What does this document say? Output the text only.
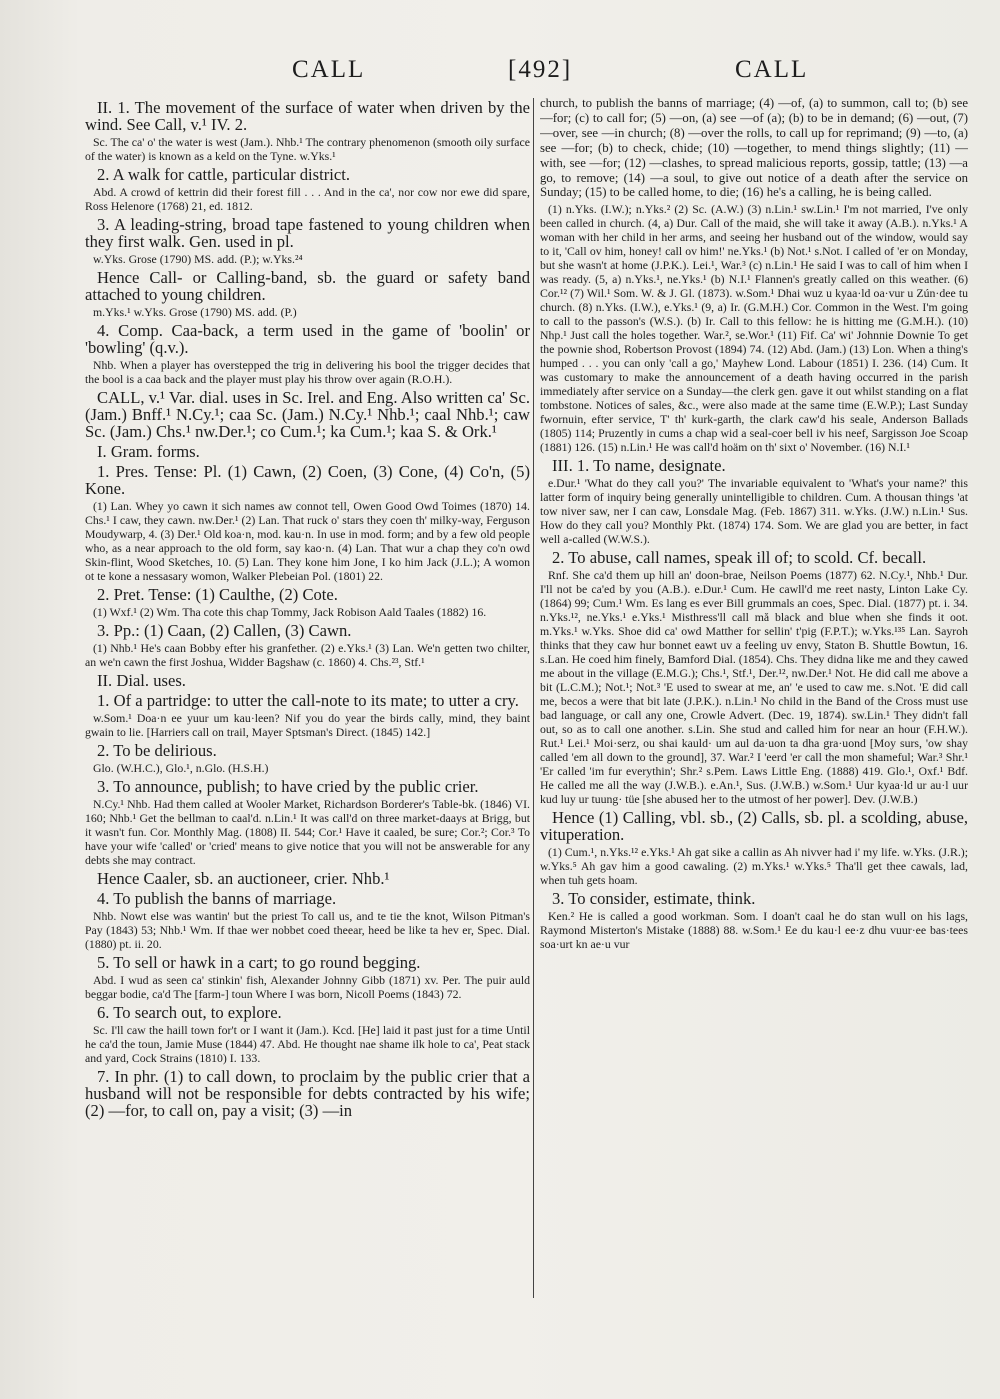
CALL	[492]	CALL

II. 1. The movement of the surface of water when driven by the wind. See Call, v.¹ IV. 2.

Sc. The ca' o' the water is west (Jam.). Nhb.¹ The contrary phenomenon (smooth oily surface of the water) is known as a keld on the Tyne. w.Yks.¹

2. A walk for cattle, particular district.

Abd. A crowd of kettrin did their forest fill . . . And in the ca', nor cow nor ewe did spare, Ross Helenore (1768) 21, ed. 1812.

3. A leading-string, broad tape fastened to young children when they first walk. Gen. used in pl.

w.Yks. Grose (1790) MS. add. (P.); w.Yks.²⁴

Hence Call- or Calling-band, sb. the guard or safety band attached to young children.

m.Yks.¹ w.Yks. Grose (1790) MS. add. (P.)

4. Comp. Caa-back, a term used in the game of 'boolin' or 'bowling' (q.v.).

Nhb. When a player has overstepped the trig in delivering his bool the trigger decides that the bool is a caa back and the player must play his throw over again (R.O.H.).

CALL, v.¹ Var. dial. uses in Sc. Irel. and Eng. Also written ca' Sc. (Jam.) Bnff.¹ N.Cy.¹; caa Sc. (Jam.) N.Cy.¹ Nhb.¹; caal Nhb.¹; caw Sc. (Jam.) Chs.¹ nw.Der.¹; co Cum.¹; ka Cum.¹; kaa S. & Ork.¹

I. Gram. forms.

1. Pres. Tense: Pl. (1) Cawn, (2) Coen, (3) Cone, (4) Co'n, (5) Kone.

(1) Lan. Whey yo cawn it sich names aw connot tell, Owen Good Owd Toimes (1870) 14. Chs.¹ I caw, they cawn. nw.Der.¹ (2) Lan. That ruck o' stars they coen th' milky-way, Ferguson Moudywarp, 4. (3) Der.¹ Old koa·n, mod. kau·n. In use in mod. form; and by a few old people who, as a near approach to the old form, say kao·n. (4) Lan. That wur a chap they co'n owd Skin-flint, Wood Sketches, 10. (5) Lan. They kone him Jone, I ko him Jack (J.L.); A womon ot te kone a nessasary womon, Walker Plebeian Pol. (1801) 22.

2. Pret. Tense: (1) Caulthe, (2) Cote.

(1) Wxf.¹ (2) Wm. Tha cote this chap Tommy, Jack Robison Aald Taales (1882) 16.

3. Pp.: (1) Caan, (2) Callen, (3) Cawn.

(1) Nhb.¹ He's caan Bobby efter his granfether. (2) e.Yks.¹ (3) Lan. We'n getten two chilter, an we'n cawn the first Joshua, Widder Bagshaw (c. 1860) 4. Chs.²³, Stf.¹

II. Dial. uses.

1. Of a partridge: to utter the call-note to its mate; to utter a cry.

w.Som.¹ Doa·n ee yuur um kau·leen? Nif you do year the birds cally, mind, they baint gwain to lie. [Harriers call on trail, Mayer Sptsman's Direct. (1845) 142.]

2. To be delirious.

Glo. (W.H.C.), Glo.¹, n.Glo. (H.S.H.)

3. To announce, publish; to have cried by the public crier.

N.Cy.¹ Nhb. Had them called at Wooler Market, Richardson Borderer's Table-bk. (1846) VI. 160; Nhb.¹ Get the bellman to caal'd. n.Lin.¹ It was call'd on three market-daays at Brigg, but it wasn't fun. Cor. Monthly Mag. (1808) II. 544; Cor.¹ Have it caaled, be sure; Cor.²; Cor.³ To have your wife 'called' or 'cried' means to give notice that you will not be answerable for any debts she may contract.

Hence Caaler, sb. an auctioneer, crier. Nhb.¹

4. To publish the banns of marriage.

Nhb. Nowt else was wantin' but the priest To call us, and te tie the knot, Wilson Pitman's Pay (1843) 53; Nhb.¹ Wm. If thae wer nobbet coed theear, heed be like ta hev er, Spec. Dial. (1880) pt. ii. 20.

5. To sell or hawk in a cart; to go round begging.

Abd. I wud as seen ca' stinkin' fish, Alexander Johnny Gibb (1871) xv. Per. The puir auld beggar bodie, ca'd The [farm-] toun Where I was born, Nicoll Poems (1843) 72.

6. To search out, to explore.

Sc. I'll caw the haill town for't or I want it (Jam.). Kcd. [He] laid it past just for a time Until he ca'd the toun, Jamie Muse (1844) 47. Abd. He thought nae shame ilk hole to ca', Peat stack and yard, Cock Strains (1810) I. 133.

7. In phr. (1) to call down, to proclaim by the public crier that a husband will not be responsible for debts contracted by his wife; (2) —for, to call on, pay a visit; (3) —in

church, to publish the banns of marriage; (4) —of, (a) to summon, call to; (b) see —for; (c) to call for; (5) —on, (a) see —of (a); (b) to be in demand; (6) —out, (7) —over, see —in church; (8) —over the rolls, to call up for reprimand; (9) —to, (a) see —for; (b) to check, chide; (10) —together, to mend things slightly; (11) —with, see —for; (12) —clashes, to spread malicious reports, gossip, tattle; (13) —a go, to remove; (14) —a soul, to give out notice of a death after the service on Sunday; (15) to be called home, to die; (16) he's a calling, he is being called.

(1) n.Yks. (I.W.); n.Yks.² (2) Sc. (A.W.) (3) n.Lin.¹ sw.Lin.¹ I'm not married, I've only been called in church. (4, a) Dur. Call of the maid, she will take it away (A.B.). n.Yks.¹ A woman with her child in her arms, and seeing her husband out of the window, would say to it, 'Call ov him, honey! call ov him!' ne.Yks.¹ (b) Not.¹ s.Not. I called of 'er on Monday, but she wasn't at home (J.P.K.). Lei.¹, War.³ (c) n.Lin.¹ He said I was to call of him when I was ready. (5, a) n.Yks.¹, ne.Yks.¹ (b) N.I.¹ Flannen's greatly called on this weather. (6) Cor.¹² (7) Wil.¹ Som. W. & J. Gl. (1873). w.Som.¹ Dhai wuz u kyaa·ld oa·vur u Zún·dee tu church. (8) n.Yks. (I.W.), e.Yks.¹ (9, a) Ir. (G.M.H.) Cor. Common in the West. I'm going to call to the passon's (W.S.). (b) Ir. Call to this fellow: he is hitting me (G.M.H.). (10) Nhp.¹ Just call the holes together. War.², se.Wor.¹ (11) Fif. Ca' wi' Johnnie Downie To get the pownie shod, Robertson Provost (1894) 74. (12) Abd. (Jam.) (13) Lon. When a thing's humped . . . you can only 'call a go,' Mayhew Lond. Labour (1851) I. 236. (14) Cum. It was customary to make the announcement of a death having occurred in the parish immediately after service on a Sunday—the clerk gen. gave it out whilst standing on a flat tombstone. Notices of sales, &c., were also made at the same time (E.W.P.); Last Sunday fwornuin, efter service, T' th' kurk-garth, the clark caw'd his seale, Anderson Ballads (1805) 114; Pruzently in cums a chap wid a seal-coer bell iv his neef, Sargisson Joe Scoap (1881) 126. (15) n.Lin.¹ He was call'd hoäm on th' sixt o' November. (16) N.I.¹

III. 1. To name, designate.

e.Dur.¹ 'What do they call you?' The invariable equivalent to 'What's your name?' this latter form of inquiry being generally unintelligible to children. Cum. A thousan things 'at tow niver saw, ner I can caw, Lonsdale Mag. (Feb. 1867) 311. w.Yks. (J.W.) n.Lin.¹ Sus. How do they call you? Monthly Pkt. (1874) 174. Som. We are glad you are better, in fact well a-called (W.W.S.).

2. To abuse, call names, speak ill of; to scold. Cf. becall.

Rnf. She ca'd them up hill an' doon-brae, Neilson Poems (1877) 62. N.Cy.¹, Nhb.¹ Dur. I'll not be ca'ed by you (A.B.). e.Dur.¹ Cum. He cawll'd me reet nasty, Linton Lake Cy. (1864) 99; Cum.¹ Wm. Es lang es ever Bill grummals an coes, Spec. Dial. (1877) pt. i. 34. n.Yks.¹², ne.Yks.¹ e.Yks.¹ Misthress'll call mă black and blue when she finds it oot. m.Yks.¹ w.Yks. Shoe did ca' owd Matther for sellin' t'pig (F.P.T.); w.Yks.¹³⁵ Lan. Sayroh thinks that they caw hur bonnet eawt uv a feeling uv envy, Staton B. Shuttle Bowtun, 16. s.Lan. He coed him finely, Bamford Dial. (1854). Chs. They didna like me and they cawed me about in the village (E.M.G.); Chs.¹, Stf.¹, Der.¹², nw.Der.¹ Not. He did call me above a bit (L.C.M.); Not.¹; Not.³ 'E used to swear at me, an' 'e used to caw me. s.Not. 'E did call me, becos a were that bit late (J.P.K.). n.Lin.¹ No child in the Band of the Cross must use bad language, or call any one, Crowle Advert. (Dec. 19, 1874). sw.Lin.¹ They didn't fall out, so as to call one another. s.Lin. She stud and called him for near an hour (F.H.W.). Rut.¹ Lei.¹ Moi·serz, ou shai kauld· um aul da·uon ta dha gra·uond [Moy surs, 'ow shay called 'em all down to the ground], 37. War.² I 'eerd 'er call the mon shameful; War.³ Shr.¹ 'Er called 'im fur everythin'; Shr.² s.Pem. Laws Little Eng. (1888) 419. Glo.¹, Oxf.¹ Bdf. He called me all the way (J.W.B.). e.An.¹, Sus. (J.W.B.) w.Som.¹ Uur kyaa·ld ur au·l uur kud luy ur tuung· tüe [she abused her to the utmost of her power]. Dev. (J.W.B.)

Hence (1) Calling, vbl. sb., (2) Calls, sb. pl. a scolding, abuse, vituperation.

(1) Cum.¹, n.Yks.¹² e.Yks.¹ Ah gat sike a callin as Ah nivver had i' my life. w.Yks. (J.R.); w.Yks.⁵ Ah gav him a good cawaling. (2) m.Yks.¹ w.Yks.⁵ Tha'll get thee cawals, lad, when tuh gets hoam.

3. To consider, estimate, think.

Ken.² He is called a good workman. Som. I doan't caal he do stan wull on his lags, Raymond Misterton's Mistake (1888) 88. w.Som.¹ Ee du kau·l ee·z dhu vuur·ee bas·tees soa·urt kn ae·u vur
